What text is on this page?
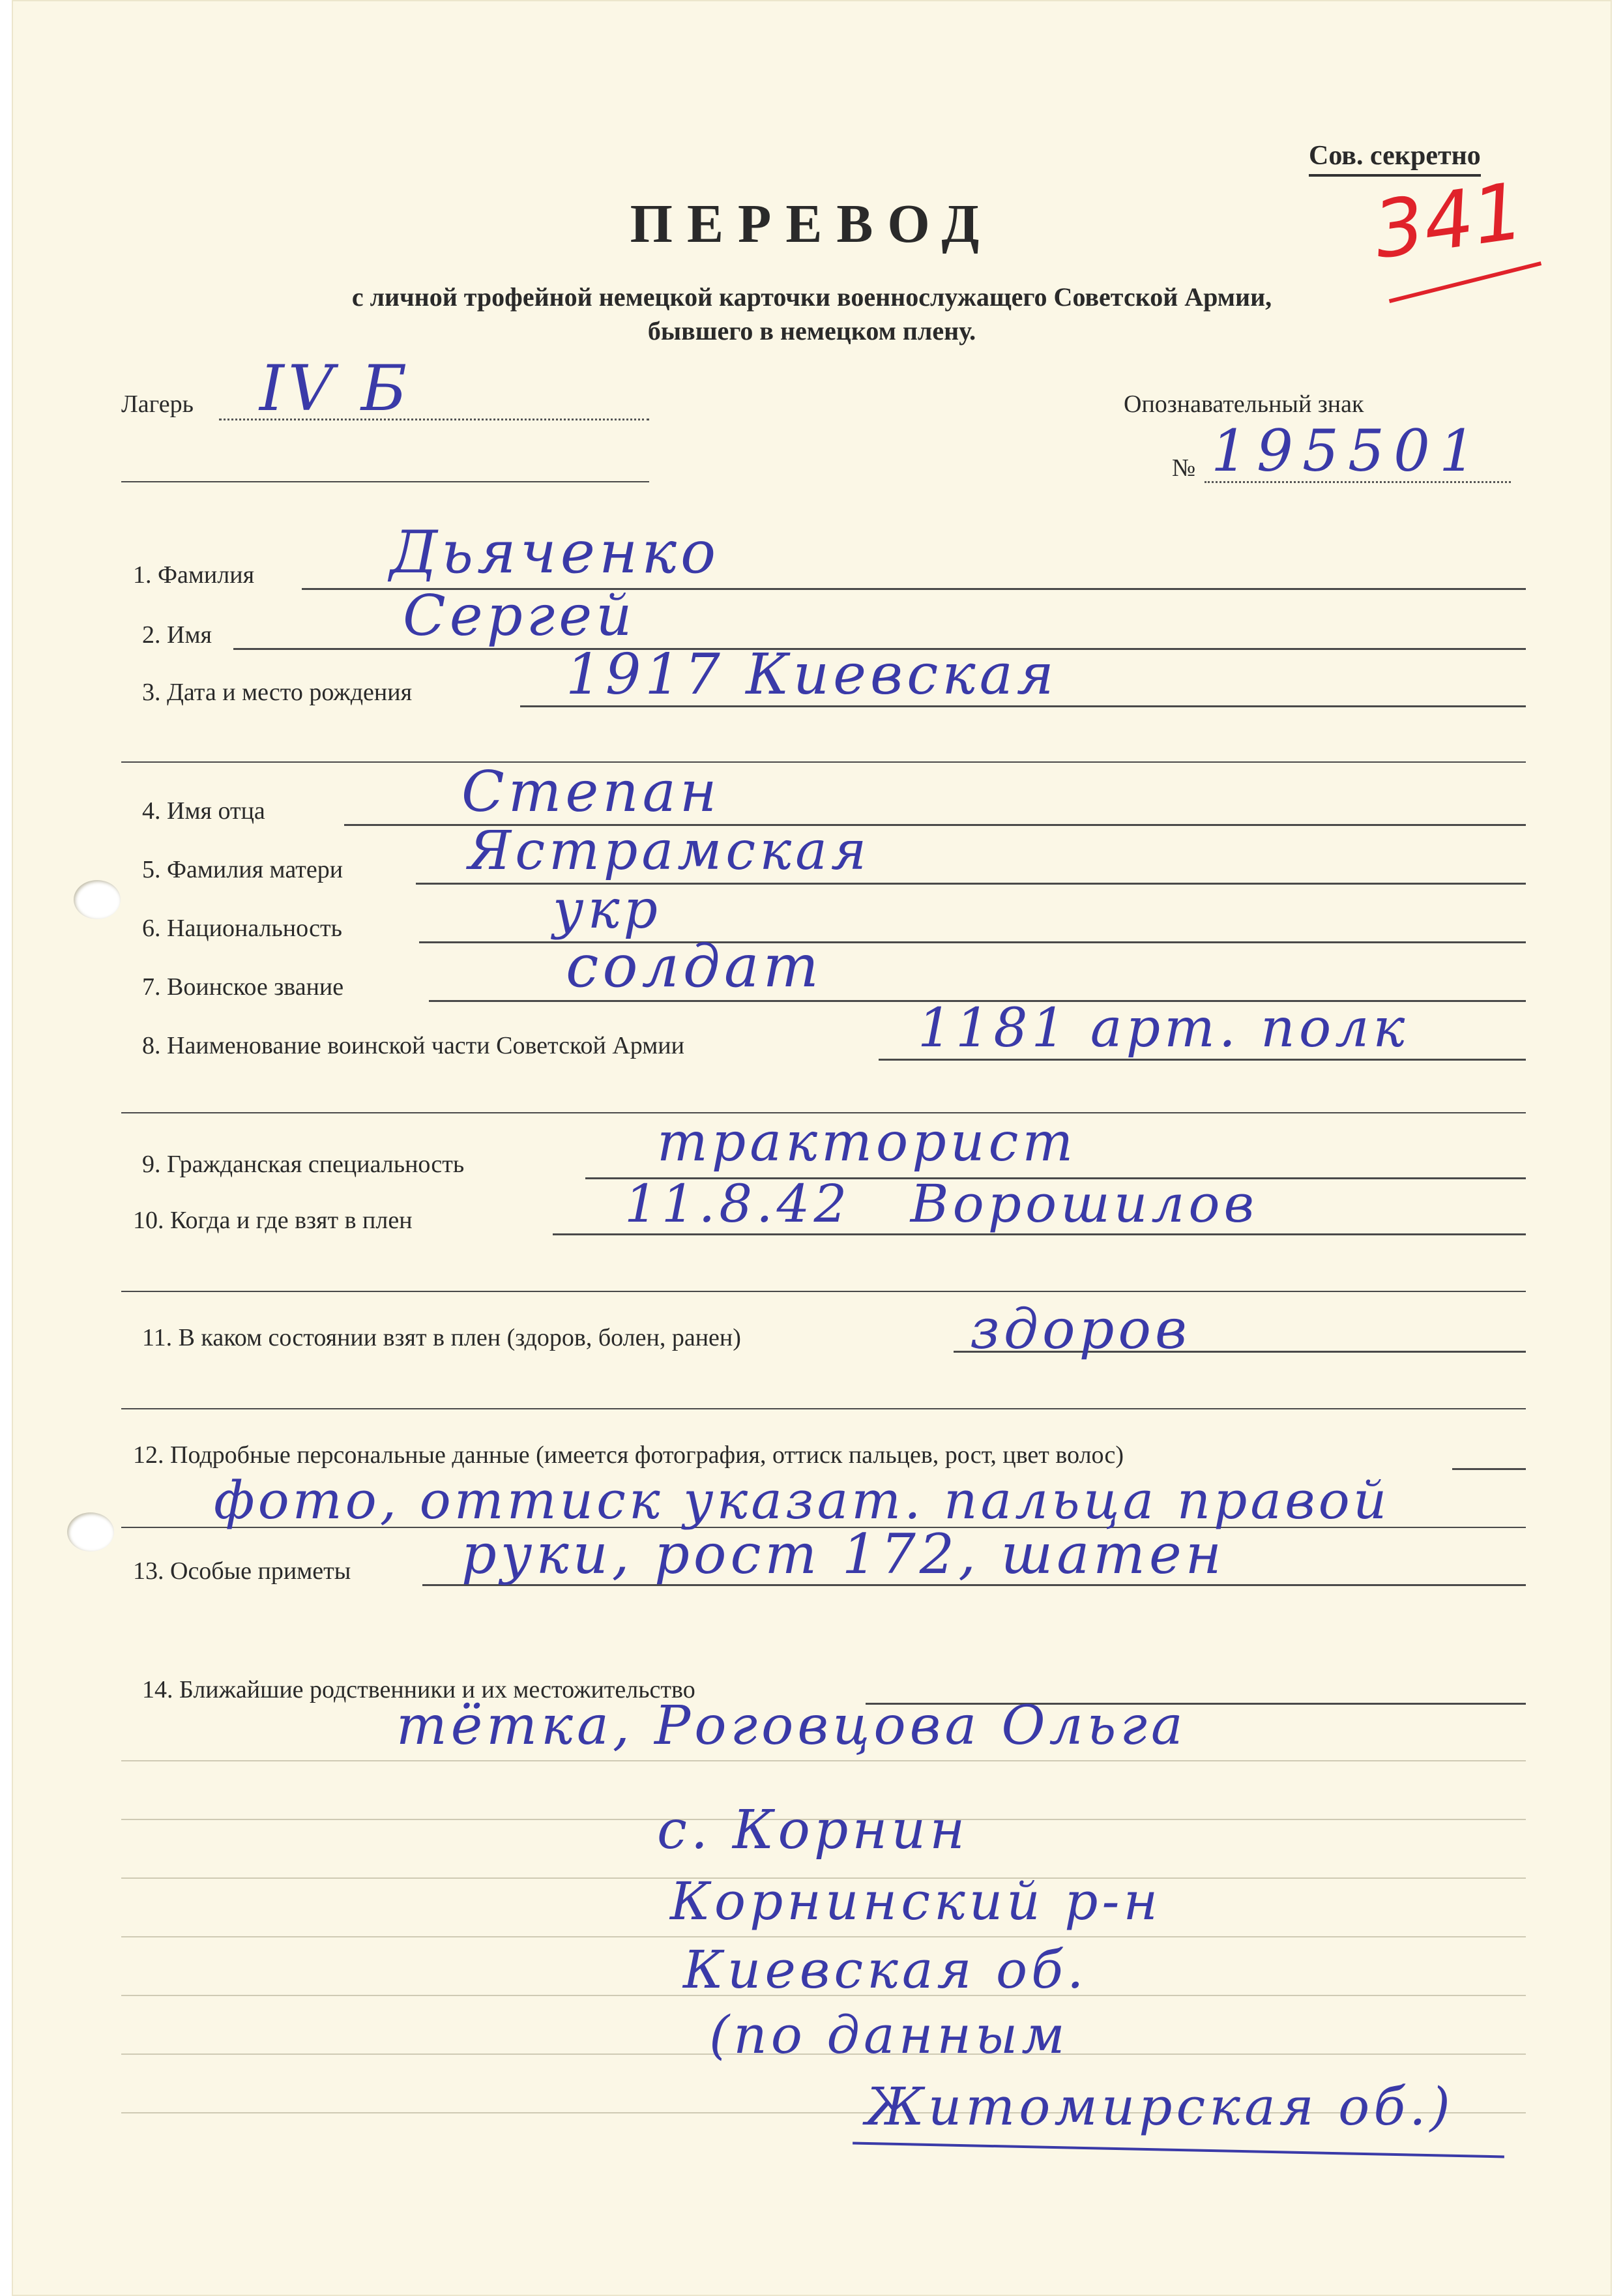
Сов. секретно
341
ПЕРЕВОД
с личной трофейной немецкой карточки военнослужащего Советской Армии,
бывшего в немецком плену.
Лагерь IV Б	Опознавательный знак
№ 195501
1. Фамилия Дьяченко
2. Имя	Сергей
3. Дата и место рождения	1917 Киевская
4. Имя отца	Степан
5. Фамилия матери Ястрамская
6. Национальность	укр
7. Воинское звание	солдат
8. Наименование воинской части Советской Армии	1181 арт. полк
9. Гражданская специальность	тракторист
10. Когда и где взят в плен	11.8.42 Ворошилов
11. В каком состоянии взят в плен (здоров, болен, ранен)	здоров
12. Подробные персональные данные (имеется фотография, оттиск пальцев, рост, цвет волос)
фото, оттиск указат. пальца правой
13. Особые приметы руки, рост 172, шатен
14. Ближайшие родственники и их местожительство
тётка, Роговцова Ольга
с. Корнин
Корнинский р-н
Киевская об.
(по данным
Житомирская об.)
